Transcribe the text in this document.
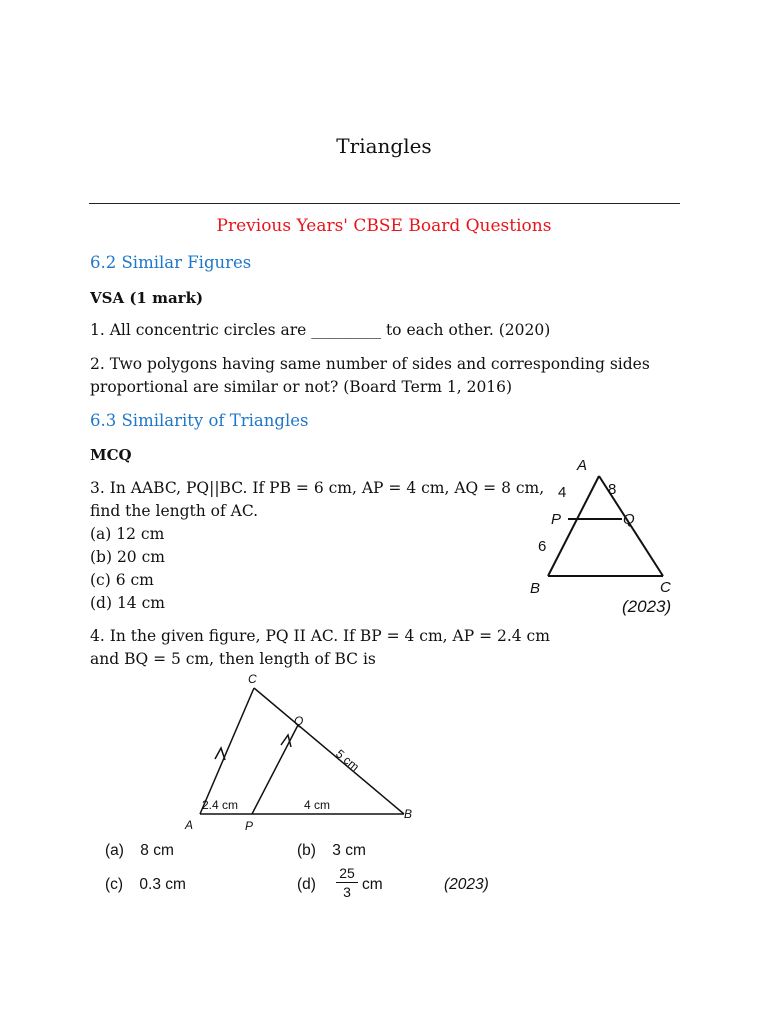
Triangles
Previous Years' CBSE Board Questions
6.2 Similar Figures
VSA (1 mark)
1. All concentric circles are _________ to each other. (2020)
2. Two polygons having same number of sides and corresponding sides
proportional are similar or not? (Board Term 1, 2016)
6.3 Similarity of Triangles
MCQ
3. In AABC, PQ||BC. If PB = 6 cm, AP = 4 cm, AQ = 8 cm,
find the length of AC.
(a) 12 cm
(b) 20 cm
(c) 6 cm
(d) 14 cm
A
B	C
P	Q
4	8
6
(2023)
4. In the given figure, PQ II AC. If BP = 4 cm, AP = 2.4 cm
and BQ = 5 cm, then length of BC is
C
Q
A	P
B
2.4 cm	4 cm
5 cm
(a) 8 cm	(b) 3 cm
(c) 0.3 cm	$(d) \frac{25}{3}$ cm	(2023)
